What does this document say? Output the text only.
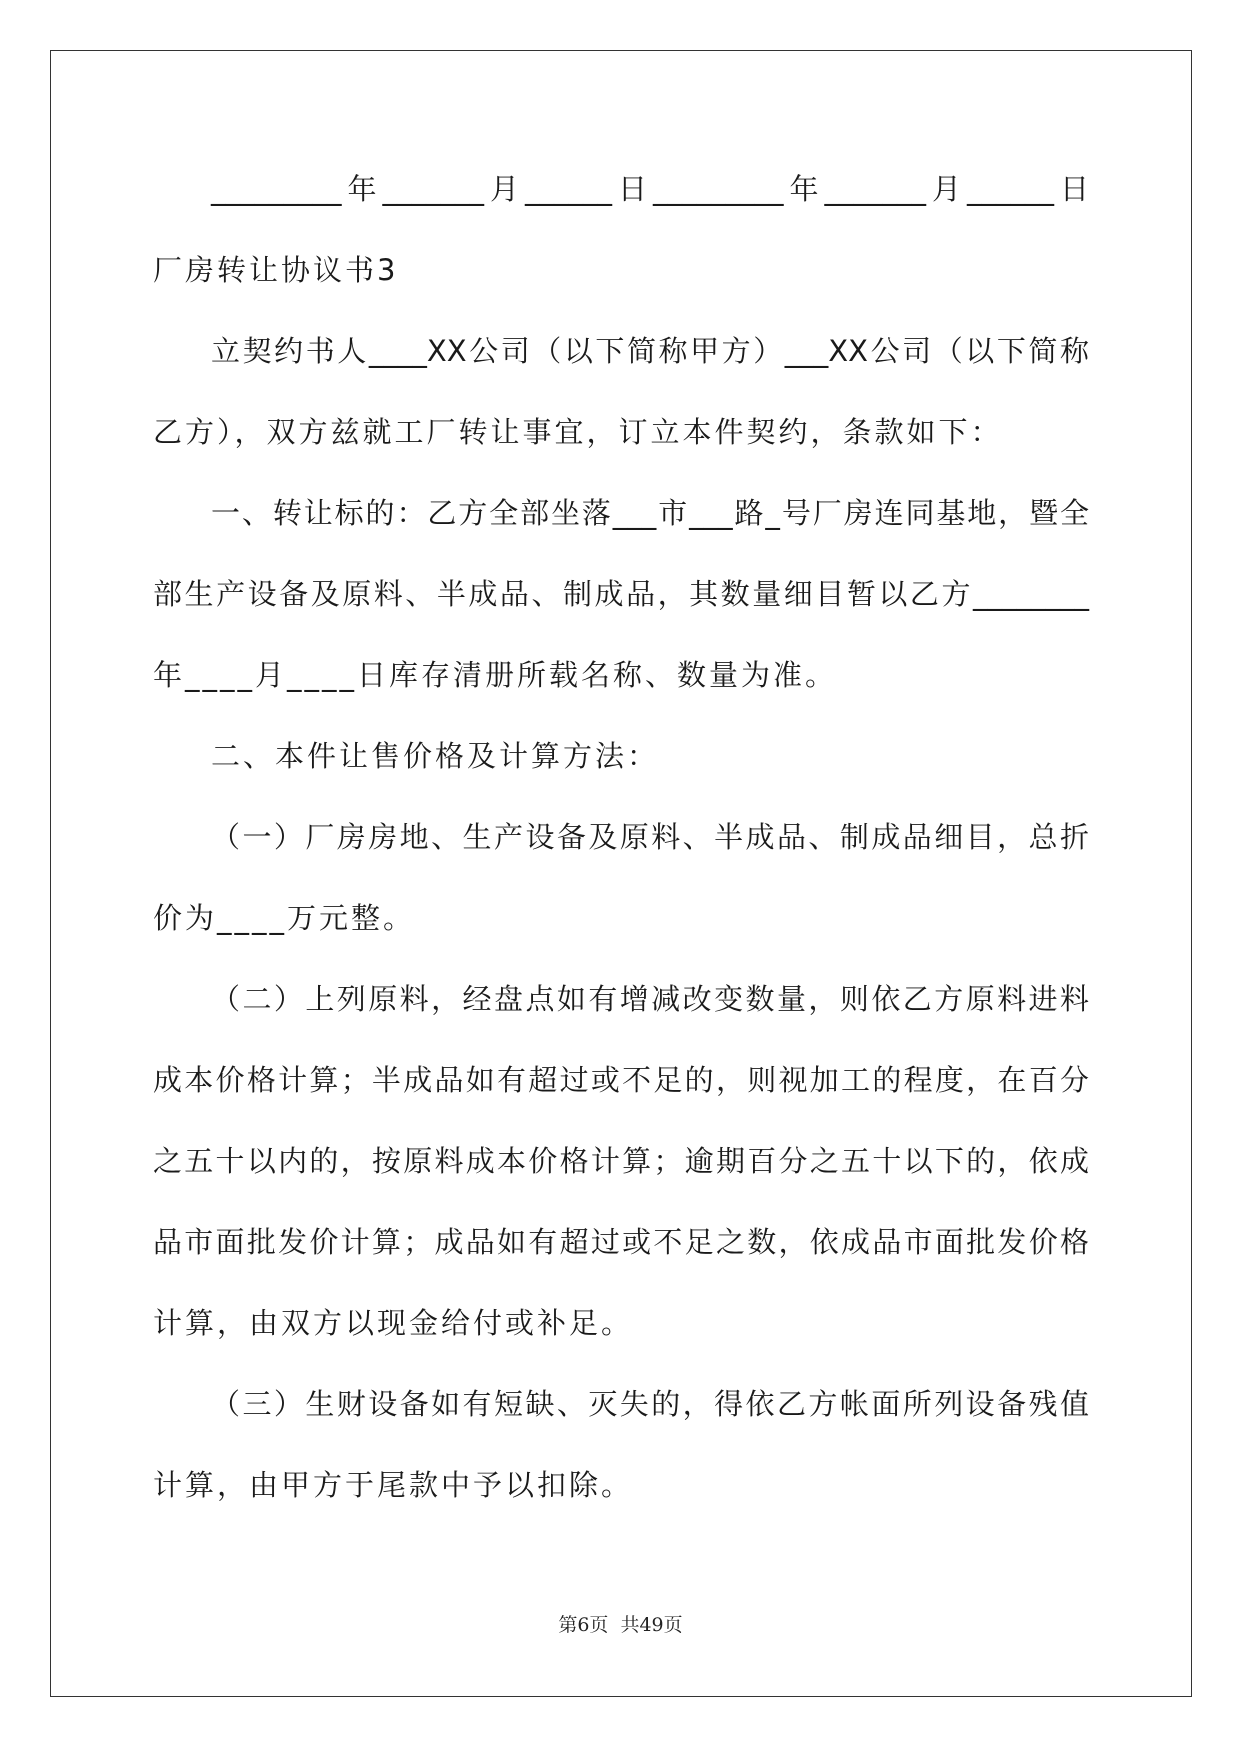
_________年_______月______日_________年_______月______日
厂房转让协议书3
立契约书人____XX公司（以下简称甲方）___XX公司（以下简称
乙方），双方兹就工厂转让事宜，订立本件契约，条款如下：
一、转让标的：乙方全部坐落___市___路_号厂房连同基地，暨全
部生产设备及原料、半成品、制成品，其数量细目暂以乙方________
年____月____日库存清册所载名称、数量为准。
二、本件让售价格及计算方法：
（一）厂房房地、生产设备及原料、半成品、制成品细目，总折
价为____万元整。
（二）上列原料，经盘点如有增减改变数量，则依乙方原料进料
成本价格计算；半成品如有超过或不足的，则视加工的程度，在百分
之五十以内的，按原料成本价格计算；逾期百分之五十以下的，依成
品市面批发价计算；成品如有超过或不足之数，依成品市面批发价格
计算，由双方以现金给付或补足。
（三）生财设备如有短缺、灭失的，得依乙方帐面所列设备残值
计算，由甲方于尾款中予以扣除。
第6页 共49页
